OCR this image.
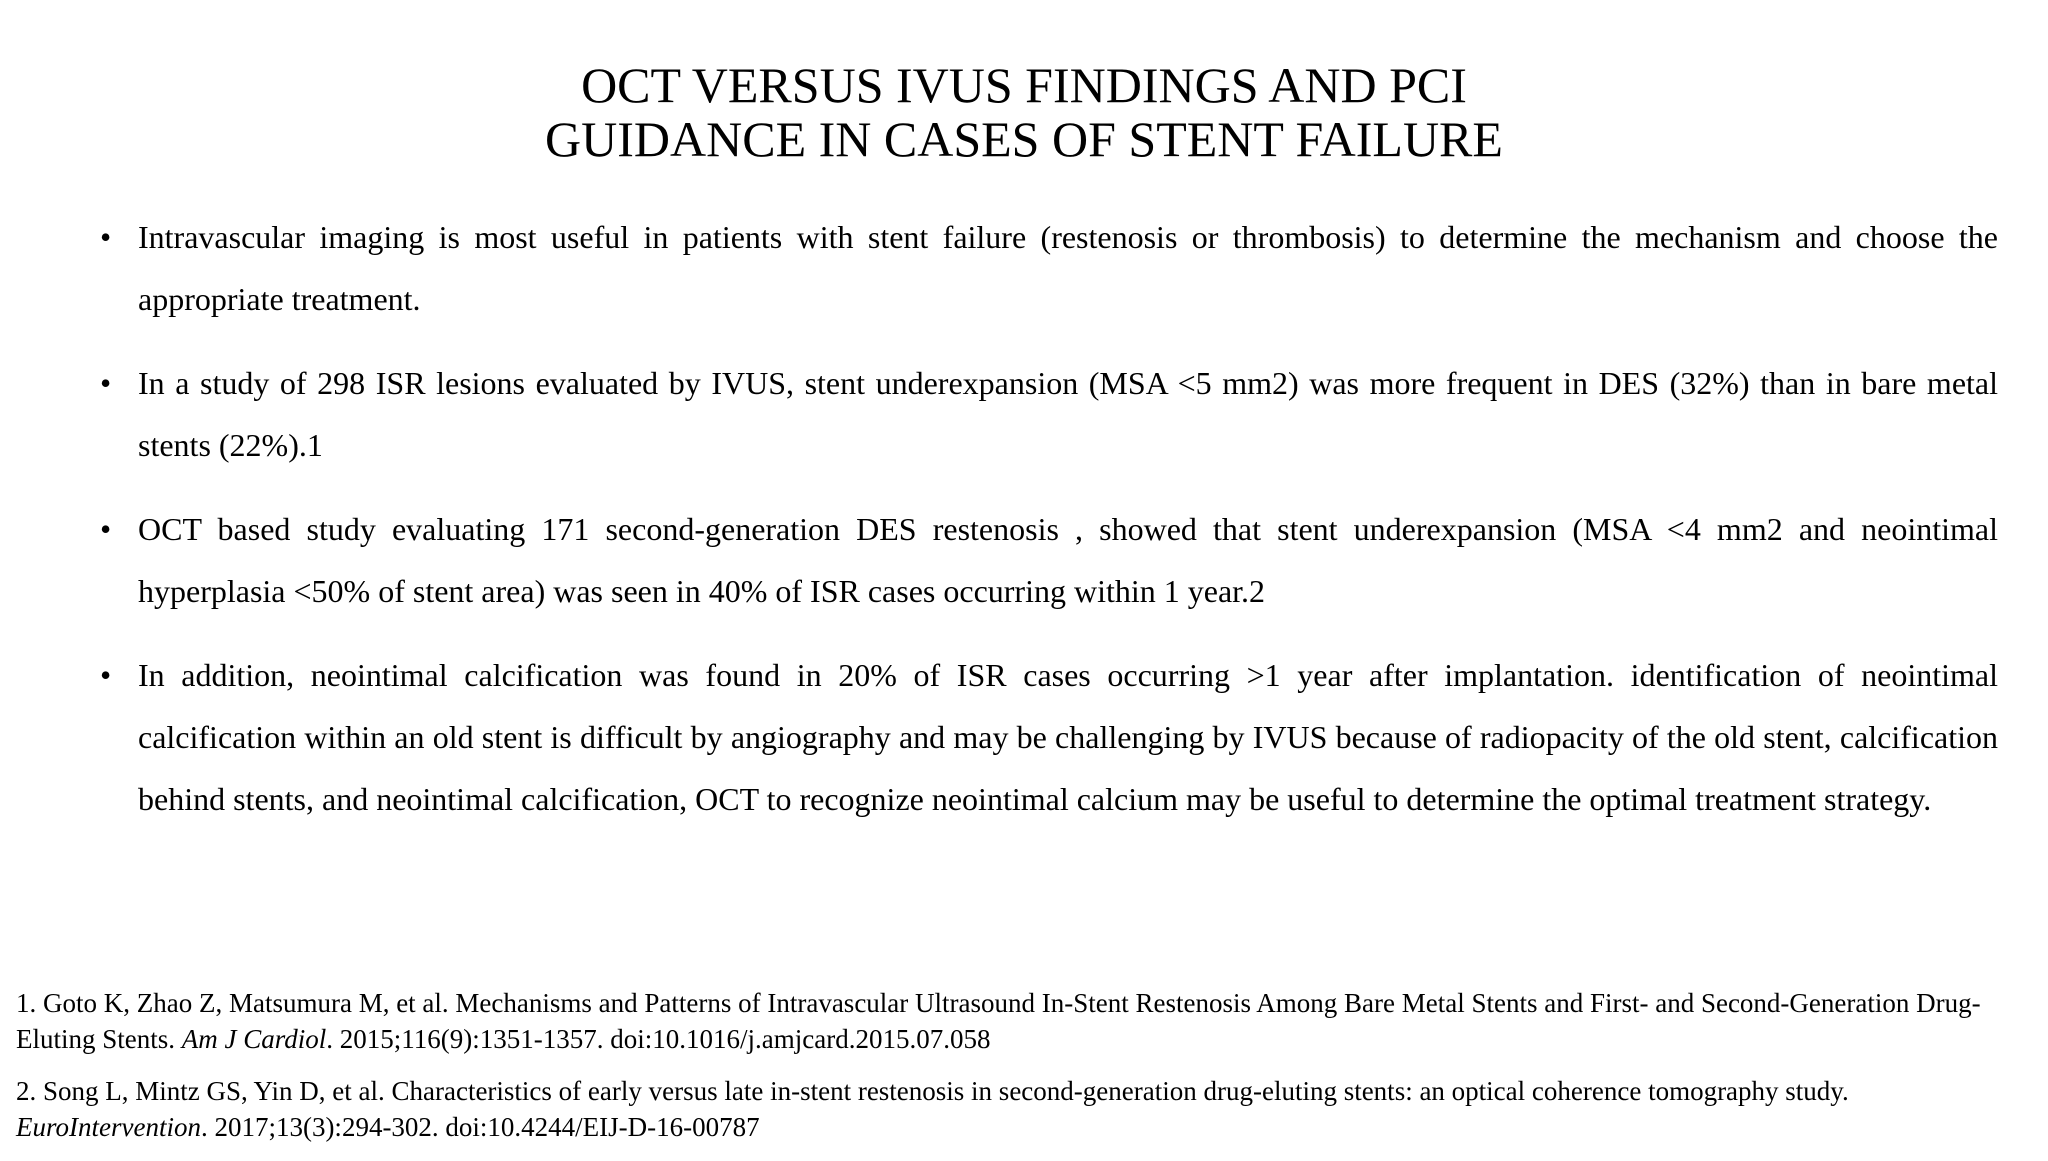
OCT VERSUS IVUS FINDINGS AND PCI
GUIDANCE IN CASES OF STENT FAILURE
• Intravascular imaging is most useful in patients with stent failure (restenosis or thrombosis) to determine the mechanism and choose the appropriate treatment.
• In a study of 298 ISR lesions evaluated by IVUS, stent underexpansion (MSA <5 mm2) was more frequent in DES (32%) than in bare metal stents (22%).1
• OCT based study evaluating 171 second-generation DES restenosis , showed that stent underexpansion (MSA <4 mm2 and neointimal hyperplasia <50% of stent area) was seen in 40% of ISR cases occurring within 1 year.2
• In addition, neointimal calcification was found in 20% of ISR cases occurring >1 year after implantation. identification of neointimal calcification within an old stent is difficult by angiography and may be challenging by IVUS because of radiopacity of the old stent, calcification behind stents, and neointimal calcification, OCT to recognize neointimal calcium may be useful to determine the optimal treatment strategy.

1. Goto K, Zhao Z, Matsumura M, et al. Mechanisms and Patterns of Intravascular Ultrasound In-Stent Restenosis Among Bare Metal Stents and First- and Second-Generation Drug-Eluting Stents. Am J Cardiol. 2015;116(9):1351-1357. doi:10.1016/j.amjcard.2015.07.058

2. Song L, Mintz GS, Yin D, et al. Characteristics of early versus late in-stent restenosis in second-generation drug-eluting stents: an optical coherence tomography study. EuroIntervention. 2017;13(3):294-302. doi:10.4244/EIJ-D-16-00787
